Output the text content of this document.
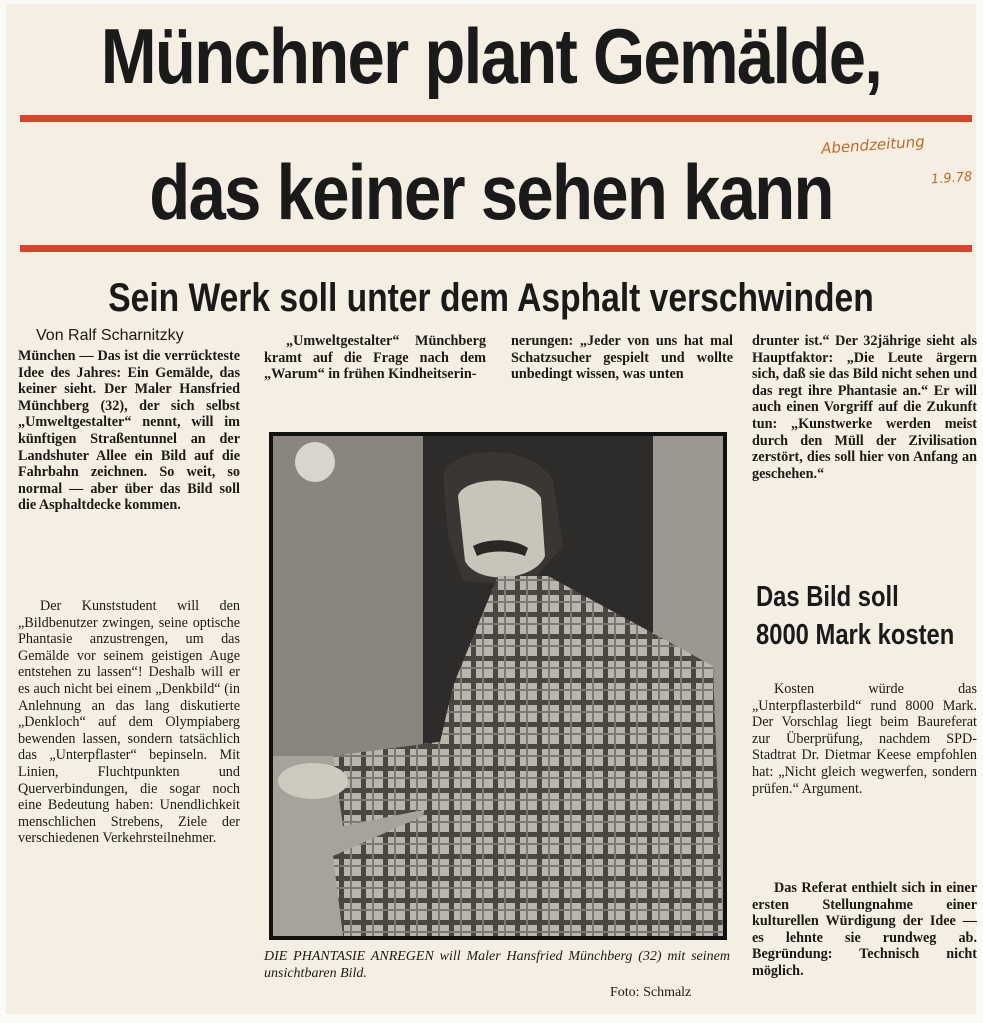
Münchner plant Gemälde,
Abendzeitung
1.9.78
das keiner sehen kann
Sein Werk soll unter dem Asphalt verschwinden
Von Ralf Scharnitzky

München — Das ist die verrückteste Idee des Jahres: Ein Gemälde, das keiner sieht. Der Maler Hansfried Münchberg (32), der sich selbst „Umweltgestalter“ nennt, will im künftigen Straßentunnel an der Landshuter Allee ein Bild auf die Fahrbahn zeichnen. So weit, so normal — aber über das Bild soll die Asphaltdecke kommen.

Der Kunststudent will den „Bildbenutzer zwingen, seine optische Phantasie anzustrengen, um das Gemälde vor seinem geistigen Auge entstehen zu lassen“! Deshalb will er es auch nicht bei einem „Denkbild“ (in Anlehnung an das lang diskutierte „Denkloch“ auf dem Olympiaberg bewenden lassen, sondern tatsächlich das „Unterpflaster“ bepinseln. Mit Linien, Fluchtpunkten und Querverbindungen, die sogar noch eine Bedeutung haben: Unendlichkeit menschlichen Strebens, Ziele der verschiedenen Verkehrsteilnehmer.

„Umweltgestalter“ Münchberg kramt auf die Frage nach dem „Warum“ in frühen Kindheitserin-

nerungen: „Jeder von uns hat mal Schatzsucher gespielt und wollte unbedingt wissen, was unten

drunter ist.“ Der 32jährige sieht als Hauptfaktor: „Die Leute ärgern sich, daß sie das Bild nicht sehen und das regt ihre Phantasie an.“ Er will auch einen Vorgriff auf die Zukunft tun: „Kunstwerke werden meist durch den Müll der Zivilisation zerstört, dies soll hier von Anfang an geschehen.“

Das Bild soll
8000 Mark kosten

Kosten würde das „Unterpflasterbild“ rund 8000 Mark. Der Vorschlag liegt beim Baureferat zur Überprüfung, nachdem SPD-Stadtrat Dr. Dietmar Keese empfohlen hat: „Nicht gleich wegwerfen, sondern prüfen.“ Argument.

Das Referat enthielt sich in einer ersten Stellungnahme einer kulturellen Würdigung der Idee — es lehnte sie rundweg ab. Begründung: Technisch nicht möglich.

DIE PHANTASIE ANREGEN will Maler Hansfried Münchberg (32) mit seinem unsichtbaren Bild.
Foto: Schmalz
